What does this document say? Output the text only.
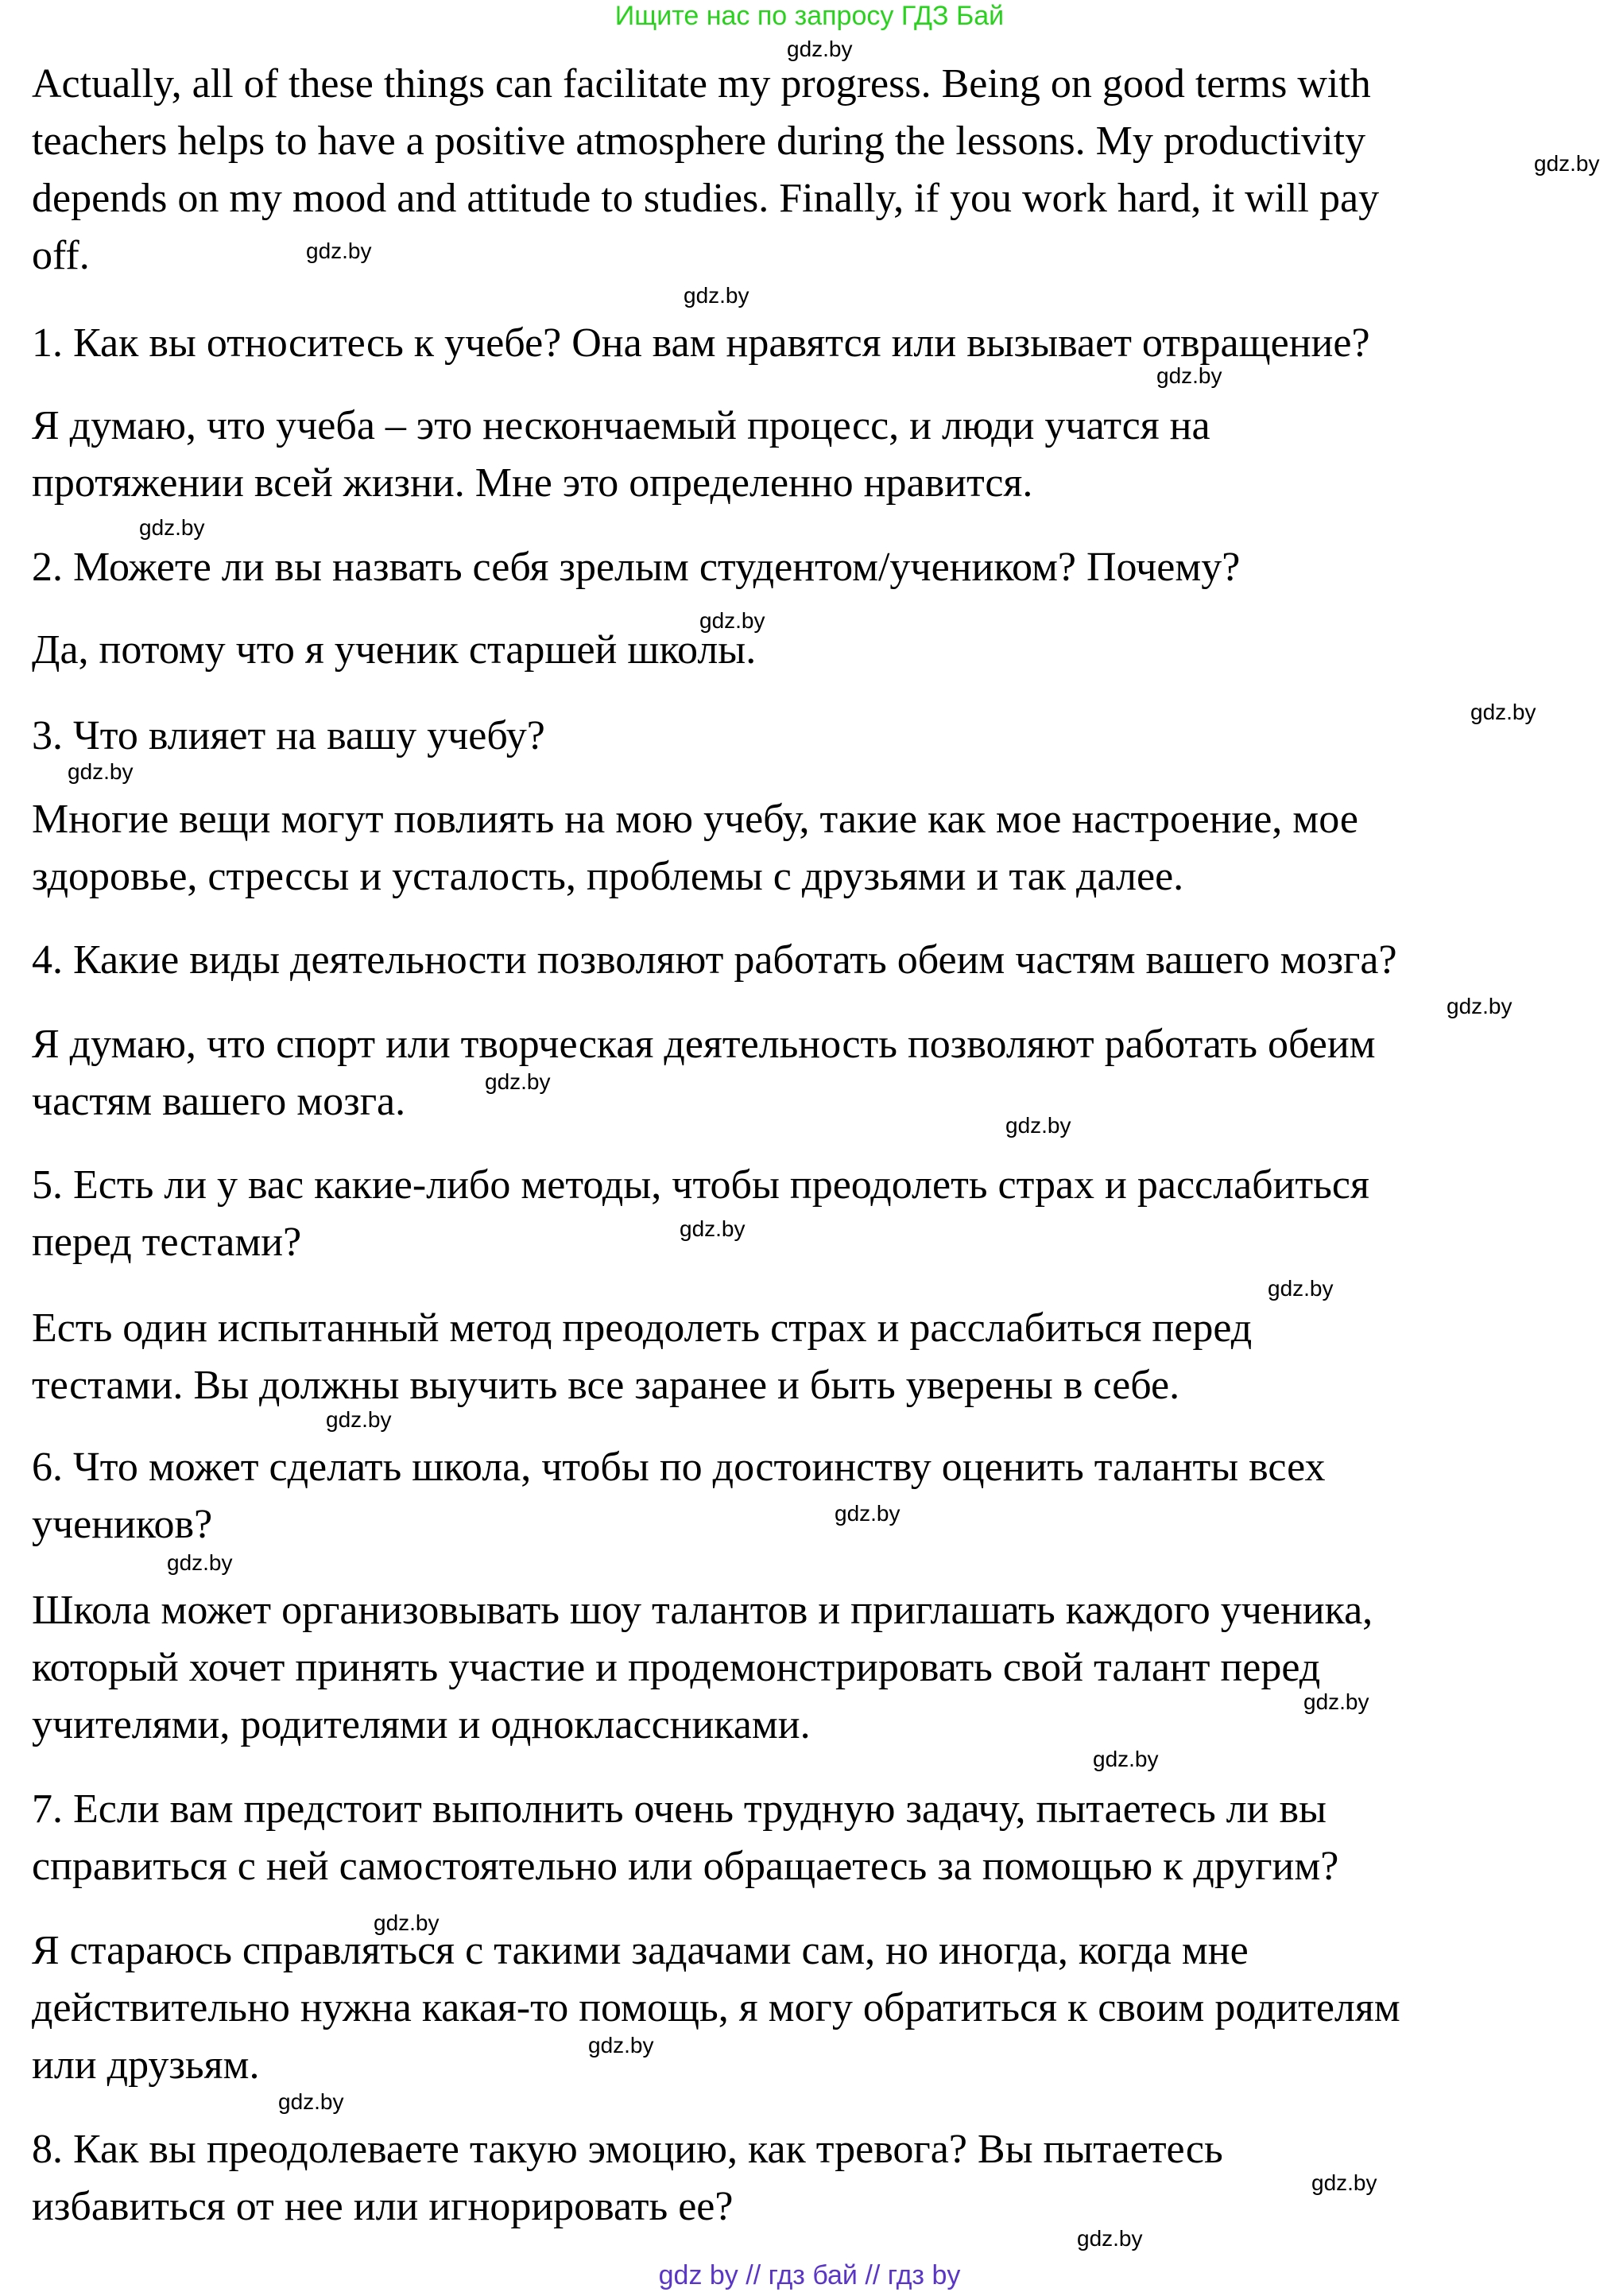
Ищите нас по запросу ГДЗ Бай

Actually, all of these things can facilitate my progress. Being on good terms with
teachers helps to have a positive atmosphere during the lessons. My productivity
depends on my mood and attitude to studies. Finally, if you work hard, it will pay
off.

1. Как вы относитесь к учебе? Она вам нравятся или вызывает отвращение?

Я думаю, что учеба – это нескончаемый процесс, и люди учатся на
протяжении всей жизни. Мне это определенно нравится.

2. Можете ли вы назвать себя зрелым студентом/учеником? Почему?

Да, потому что я ученик старшей школы.

3. Что влияет на вашу учебу?

Многие вещи могут повлиять на мою учебу, такие как мое настроение, мое
здоровье, стрессы и усталость, проблемы с друзьями и так далее.

4. Какие виды деятельности позволяют работать обеим частям вашего мозга?

Я думаю, что спорт или творческая деятельность позволяют работать обеим
частям вашего мозга.

5. Есть ли у вас какие-либо методы, чтобы преодолеть страх и расслабиться
перед тестами?

Есть один испытанный метод преодолеть страх и расслабиться перед
тестами. Вы должны выучить все заранее и быть уверены в себе.

6. Что может сделать школа, чтобы по достоинству оценить таланты всех
учеников?

Школа может организовывать шоу талантов и приглашать каждого ученика,
который хочет принять участие и продемонстрировать свой талант перед
учителями, родителями и одноклассниками.

7. Если вам предстоит выполнить очень трудную задачу, пытаетесь ли вы
справиться с ней самостоятельно или обращаетесь за помощью к другим?

Я стараюсь справляться с такими задачами сам, но иногда, когда мне
действительно нужна какая-то помощь, я могу обратиться к своим родителям
или друзьям.

8. Как вы преодолеваете такую эмоцию, как тревога? Вы пытаетесь
избавиться от нее или игнорировать ее?

gdz.by
gdz.by
gdz.by
gdz.by
gdz.by
gdz.by
gdz.by
gdz.by
gdz.by
gdz.by
gdz.by
gdz.by
gdz.by
gdz.by
gdz.by
gdz.by
gdz.by
gdz.by
gdz.by
gdz.by
gdz.by
gdz.by
gdz.by
gdz.by
gdz by // гдз бай // гдз by
